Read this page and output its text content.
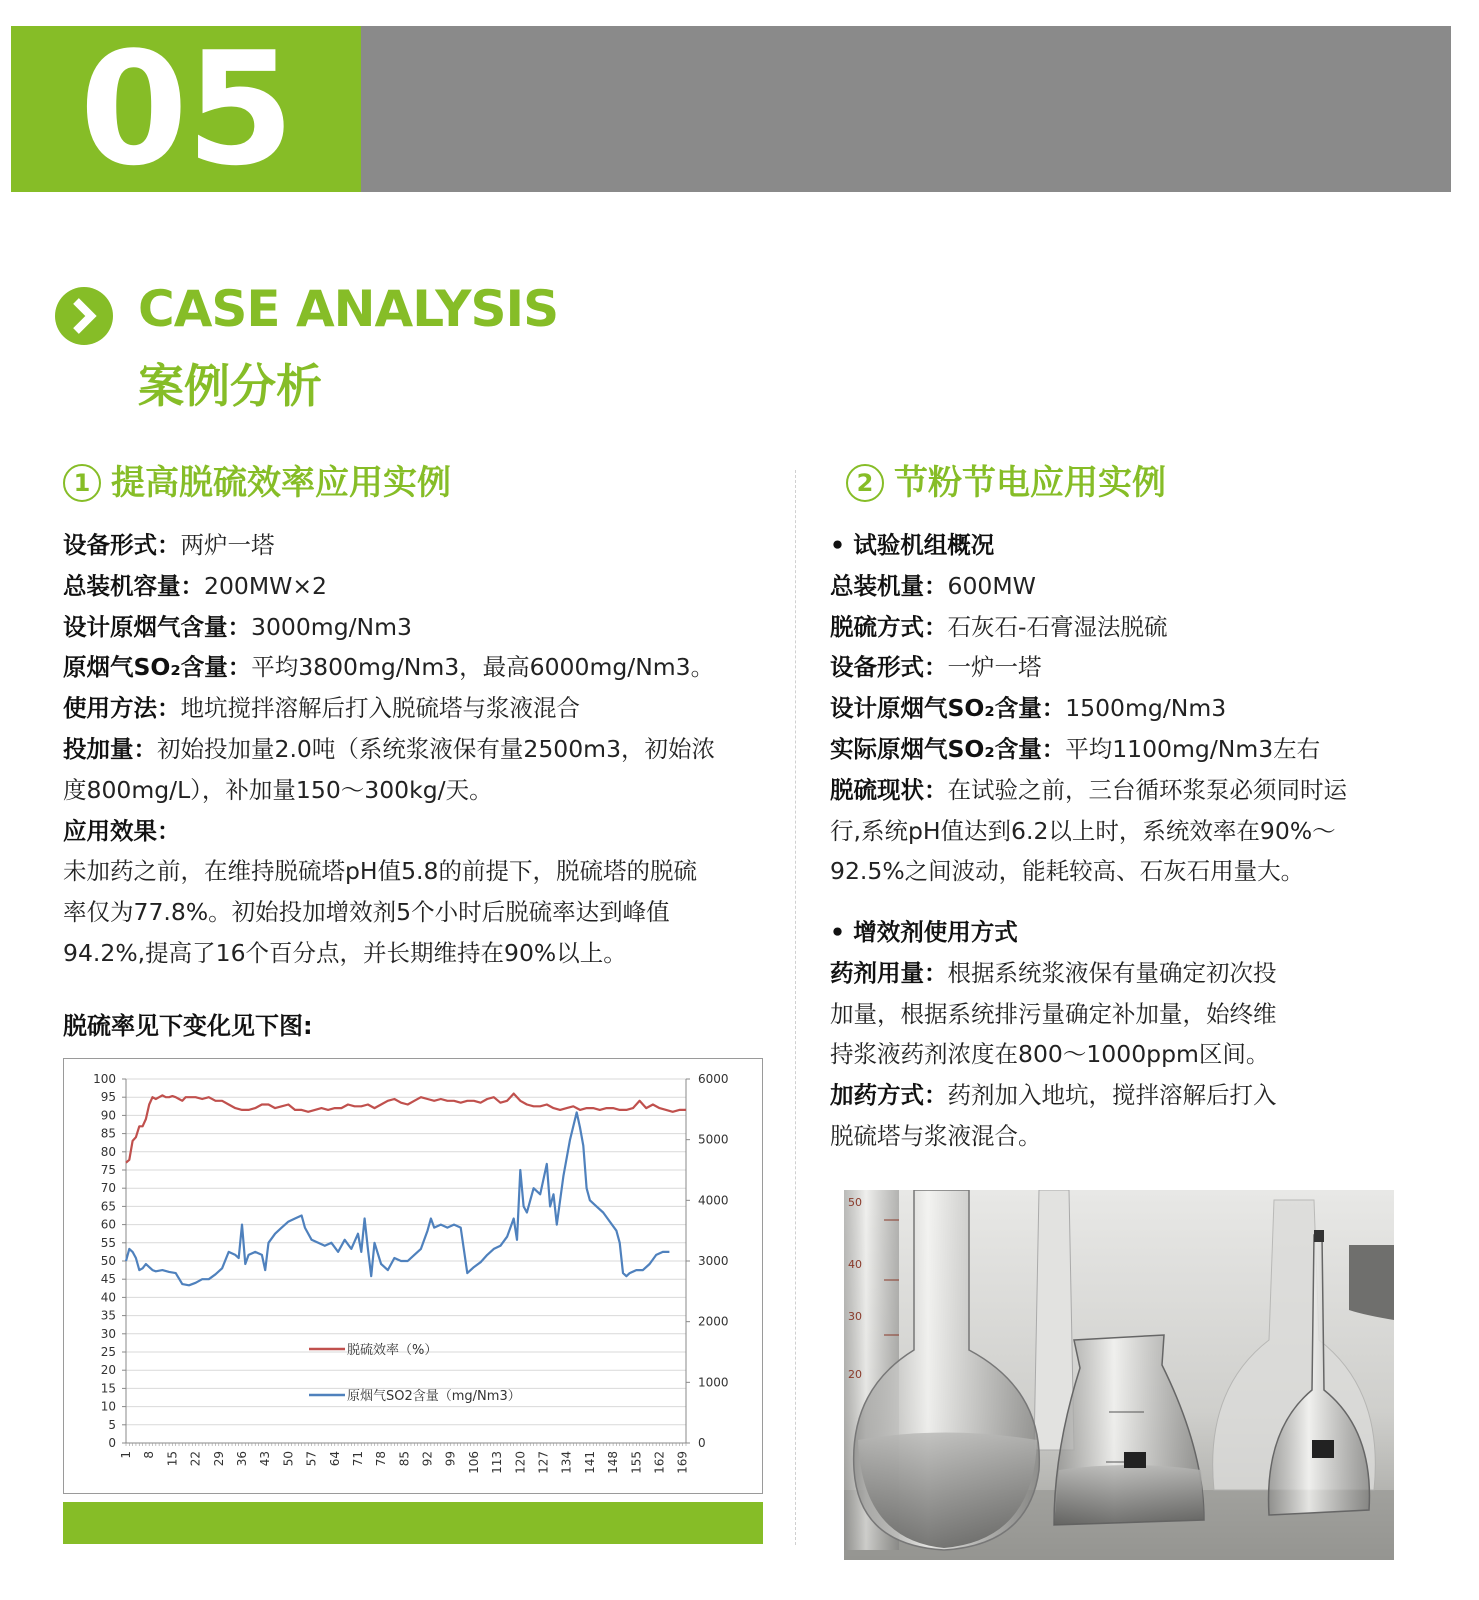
05
CASE ANALYSIS
案例分析
1 提高脱硫效率应用实例
设备形式：两炉一塔
总装机容量：200MW×2
设计原烟气含量：3000mg/Nm3
原烟气SO₂含量：平均3800mg/Nm3，最高6000mg/Nm3。
使用方法：地坑搅拌溶解后打入脱硫塔与浆液混合
投加量：初始投加量2.0吨（系统浆液保有量2500m3，初始浓
度800mg/L），补加量150～300kg/天。
应用效果：
未加药之前，在维持脱硫塔pH值5.8的前提下，脱硫塔的脱硫
率仅为77.8%。初始投加增效剂5个小时后脱硫率达到峰值
94.2%,提高了16个百分点，并长期维持在90%以上。
2 节粉节电应用实例
• 试验机组概况
总装机量：600MW
脱硫方式：石灰石-石膏湿法脱硫
设备形式：一炉一塔
设计原烟气SO₂含量：1500mg/Nm3
实际原烟气SO₂含量：平均1100mg/Nm3左右
脱硫现状：在试验之前，三台循环浆泵必须同时运
行,系统pH值达到6.2以上时，系统效率在90%～
92.5%之间波动，能耗较高、石灰石用量大。
• 增效剂使用方式
药剂用量：根据系统浆液保有量确定初次投
加量，根据系统排污量确定补加量，始终维
持浆液药剂浓度在800～1000ppm区间。
加药方式：药剂加入地坑，搅拌溶解后打入
脱硫塔与浆液混合。
脱硫率见下变化见下图:
0
5
10
15
20
25
30
35
40
45
50
55
60
65
70
75
80
85
90
95
100
0
1000
2000
3000
4000
5000
6000
1 8 15 22 29 36 43 50 57 64 71 78 85 92 99 106 113 120 127 134 141 148 155 162 169
脱硫效率（%）
原烟气SO2含量（mg/Nm3）
50
40
30
20
